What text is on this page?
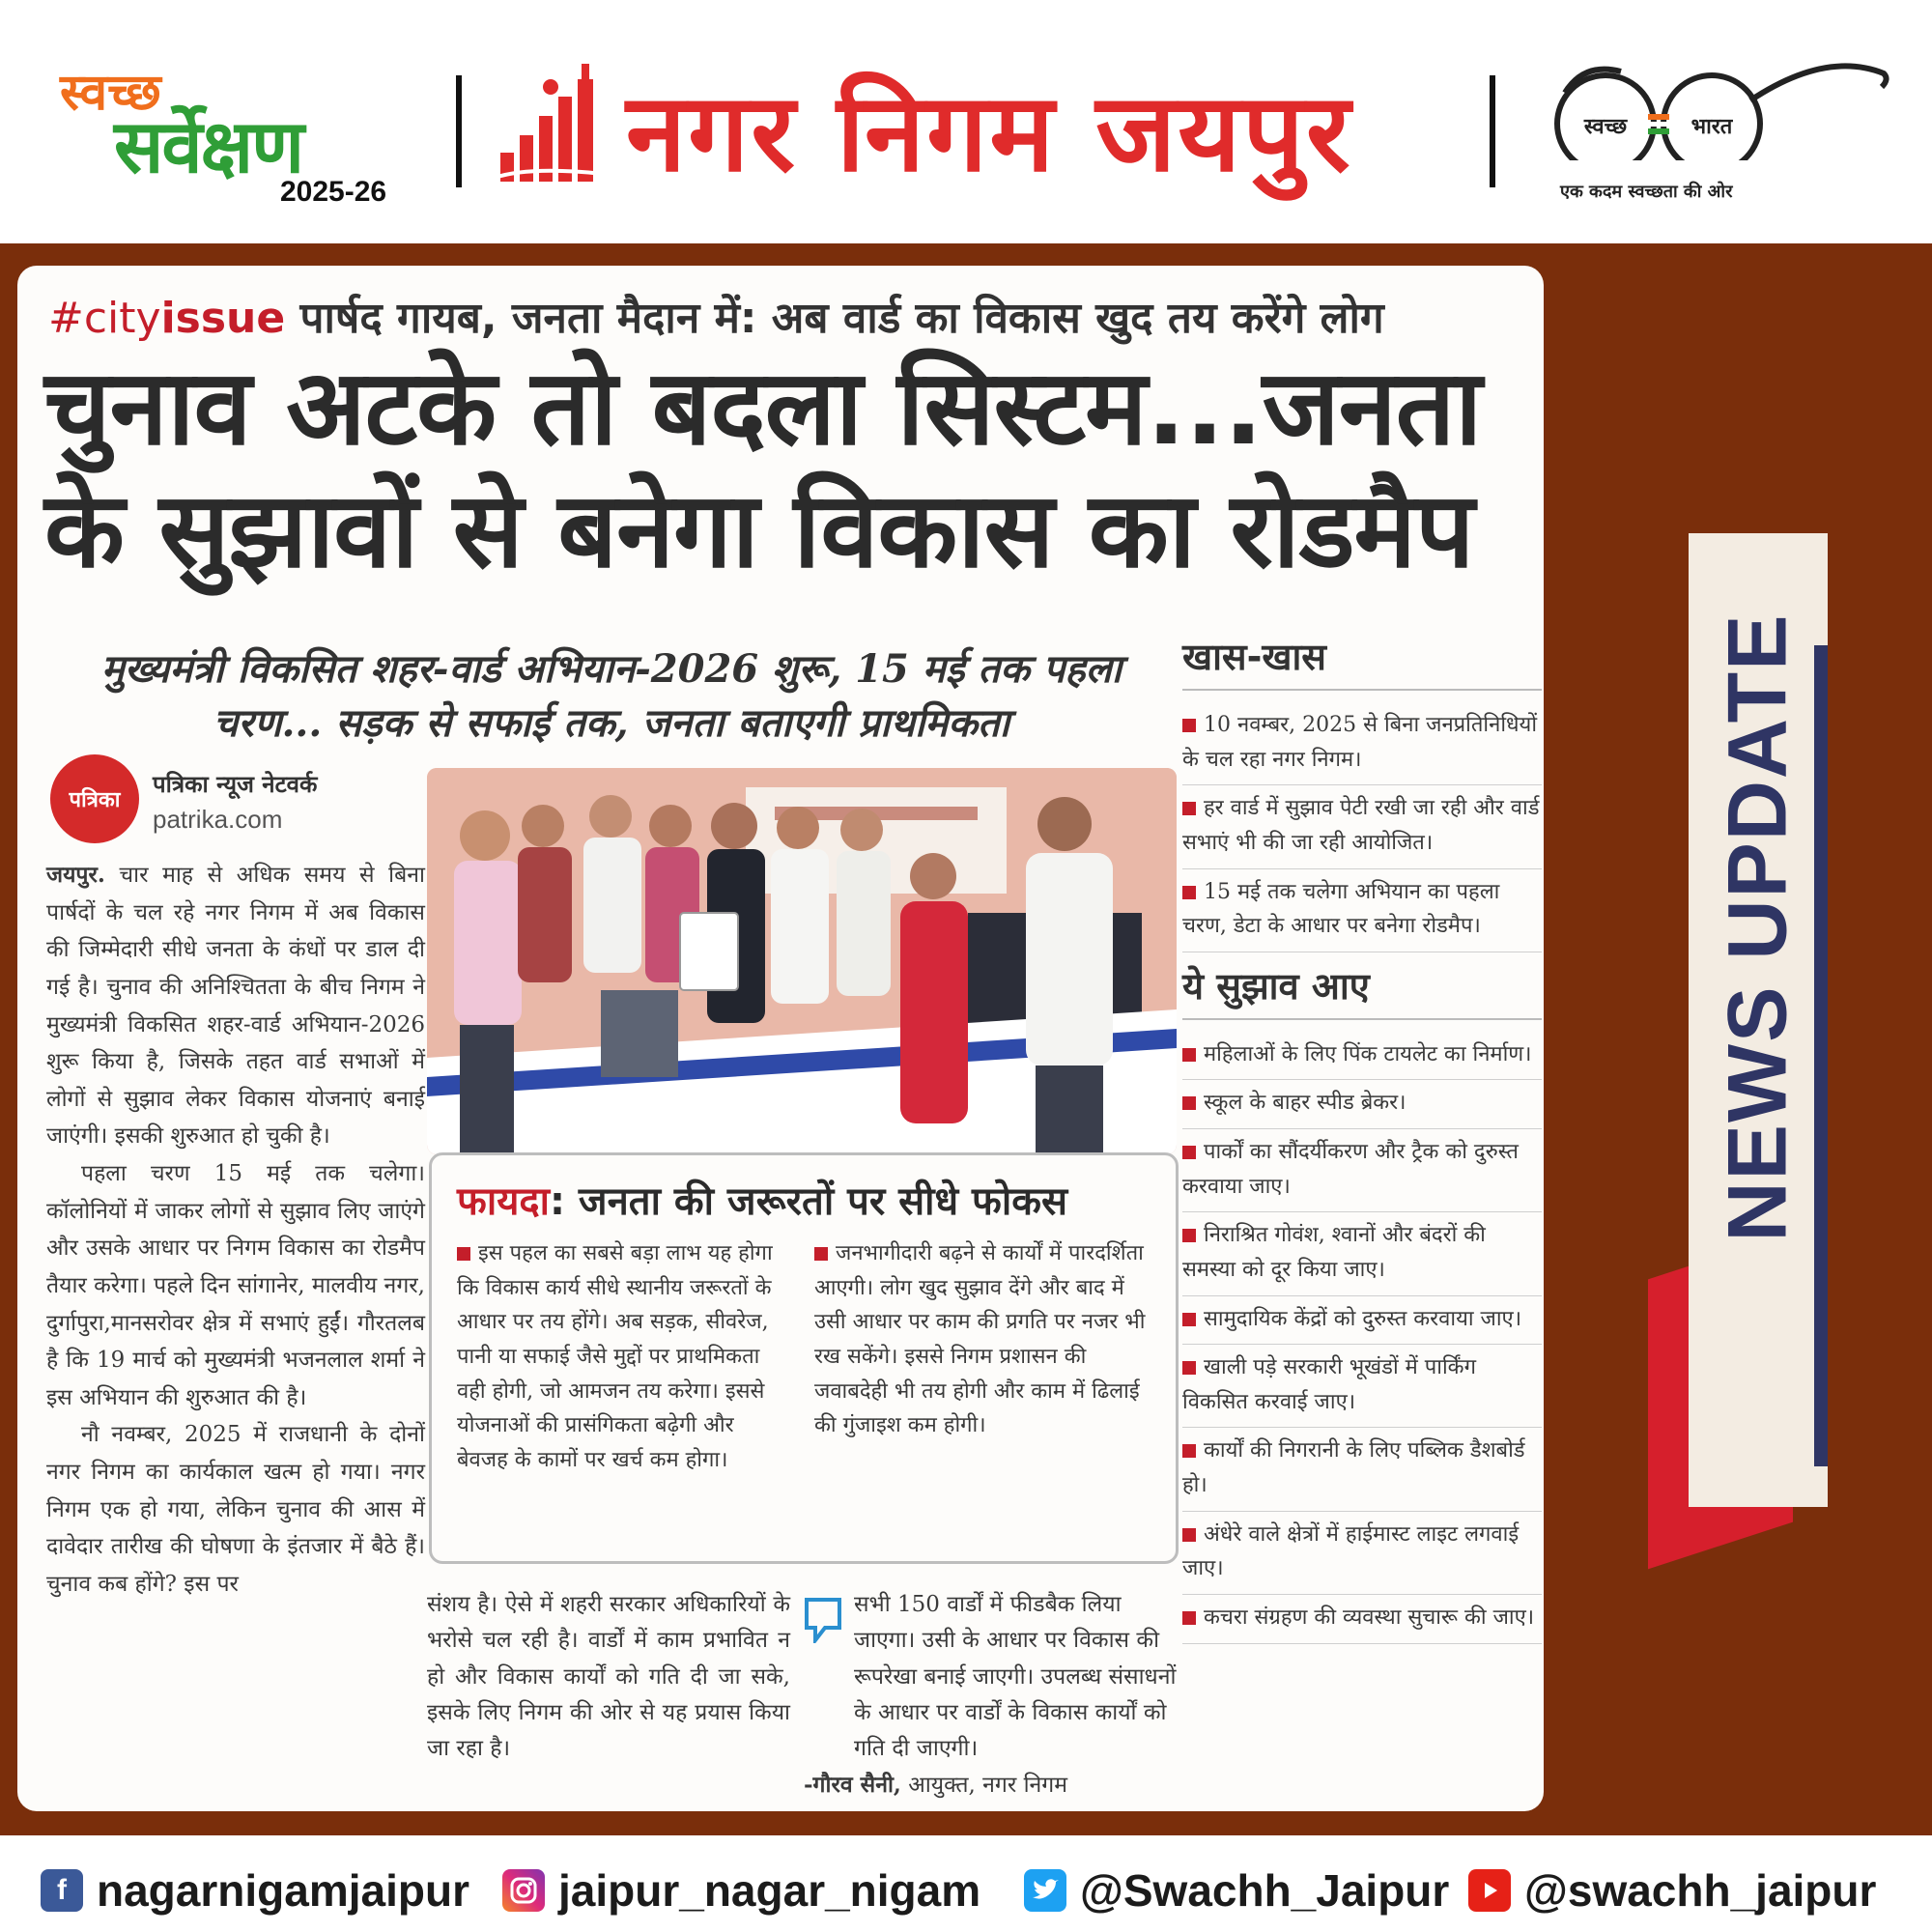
स्वच्छ
सर्वेक्षण
2025-26 नगर निगम जयपुर	स्वच्छ	भारत
एक कदम स्वच्छता की ओर
#cityissue पार्षद गायब, जनता मैदान में: अब वार्ड का विकास खुद तय करेंगे लोग
चुनाव अटके तो बदला सिस्टम...जनता के सुझावों से बनेगा विकास का रोडमैप
मुख्यमंत्री विकसित शहर-वार्ड अभियान-2026 शुरू, 15 मई तक पहला चरण... सड़क से सफाई तक, जनता बताएगी प्राथमिकता
पत्रिका
पत्रिका न्यूज नेटवर्क
patrika.com

जयपुर. चार माह से अधिक समय से बिना पार्षदों के चल रहे नगर निगम में अब विकास की जिम्मेदारी सीधे जनता के कंधों पर डाल दी गई है। चुनाव की अनिश्चितता के बीच निगम ने मुख्यमंत्री विकसित शहर-वार्ड अभियान-2026 शुरू किया है, जिसके तहत वार्ड सभाओं में लोगों से सुझाव लेकर विकास योजनाएं बनाई जाएंगी। इसकी शुरुआत हो चुकी है।

पहला चरण 15 मई तक चलेगा। कॉलोनियों में जाकर लोगों से सुझाव लिए जाएंगे और उसके आधार पर निगम विकास का रोडमैप तैयार करेगा। पहले दिन सांगानेर, मालवीय नगर, दुर्गापुरा,मानसरोवर क्षेत्र में सभाएं हुईं। गौरतलब है कि 19 मार्च को मुख्यमंत्री भजनलाल शर्मा ने इस अभियान की शुरुआत की है।

नौ नवम्बर, 2025 में राजधानी के दोनों नगर निगम का कार्यकाल खत्म हो गया। नगर निगम एक हो गया, लेकिन चुनाव की आस में दावेदार तारीख की घोषणा के इंतजार में बैठे हैं। चुनाव कब होंगे? इस पर

फायदा: जनता की जरूरतों पर सीधे फोकस
इस पहल का सबसे बड़ा लाभ यह होगा कि विकास कार्य सीधे स्थानीय जरूरतों के आधार पर तय होंगे। अब सड़क, सीवरेज, पानी या सफाई जैसे मुद्दों पर प्राथमिकता वही होगी, जो आमजन तय करेगा। इससे योजनाओं की प्रासंगिकता बढ़ेगी और बेवजह के कामों पर खर्च कम होगा।
जनभागीदारी बढ़ने से कार्यों में पारदर्शिता आएगी। लोग खुद सुझाव देंगे और बाद में उसी आधार पर काम की प्रगति पर नजर भी रख सकेंगे। इससे निगम प्रशासन की जवाबदेही भी तय होगी और काम में ढिलाई की गुंजाइश कम होगी।
संशय है। ऐसे में शहरी सरकार अधिकारियों के भरोसे चल रही है। वार्डों में काम प्रभावित न हो और विकास कार्यों को गति दी जा सके, इसके लिए निगम की ओर से यह प्रयास किया जा रहा है।
सभी 150 वार्डों में फीडबैक लिया जाएगा। उसी के आधार पर विकास की रूपरेखा बनाई जाएगी। उपलब्ध संसाधनों के आधार पर वार्डों के विकास कार्यों को गति दी जाएगी।
-गौरव सैनी, आयुक्त, नगर निगम
खास-खास
10 नवम्बर, 2025 से बिना जनप्रतिनिधियों के चल रहा नगर निगम।
हर वार्ड में सुझाव पेटी रखी जा रही और वार्ड सभाएं भी की जा रही आयोजित।
15 मई तक चलेगा अभियान का पहला चरण, डेटा के आधार पर बनेगा रोडमैप।
ये सुझाव आए
महिलाओं के लिए पिंक टायलेट का निर्माण।
स्कूल के बाहर स्पीड ब्रेकर।
पार्कों का सौंदर्यीकरण और ट्रैक को दुरुस्त करवाया जाए।
निराश्रित गोवंश, श्वानों और बंदरों की समस्या को दूर किया जाए।
सामुदायिक केंद्रों को दुरुस्त करवाया जाए।
खाली पड़े सरकारी भूखंडों में पार्किंग विकसित करवाई जाए।
कार्यों की निगरानी के लिए पब्लिक डैशबोर्ड हो।
अंधेरे वाले क्षेत्रों में हाईमास्ट लाइट लगवाई जाए।
कचरा संग्रहण की व्यवस्था सुचारू की जाए।
NEWS UPDATE
f nagarnigamjaipur jaipur_nagar_nigam @Swachh_Jaipur @swachh_jaipur
